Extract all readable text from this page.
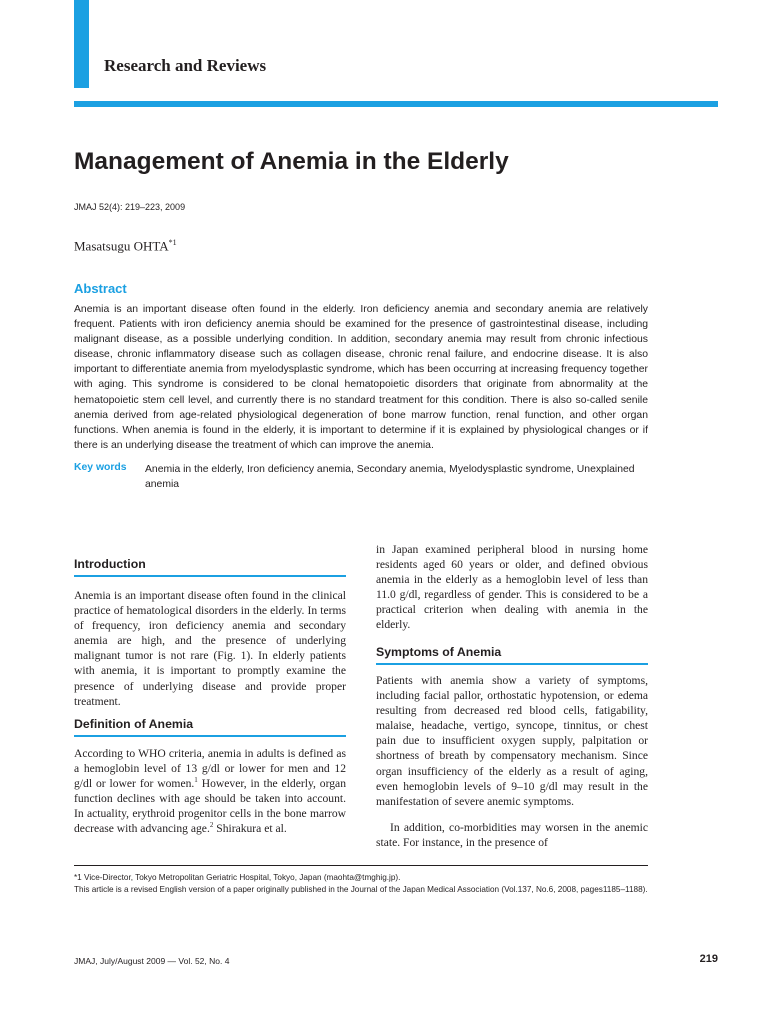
Research and Reviews
Management of Anemia in the Elderly
JMAJ 52(4): 219–223, 2009
Masatsugu OHTA$^{*1}$
Abstract

Anemia is an important disease often found in the elderly. Iron deficiency anemia and secondary anemia are relatively frequent. Patients with iron deficiency anemia should be examined for the presence of gastrointestinal disease, including malignant disease, as a possible underlying condition. In addition, secondary anemia may result from chronic infectious disease, chronic inflammatory disease such as collagen disease, chronic renal failure, and endocrine disease. It is also important to differentiate anemia from myelodysplastic syndrome, which has been occurring at increasing frequency together with aging. This syndrome is considered to be clonal hematopoietic disorders that originate from abnormality at the hematopoietic stem cell level, and currently there is no standard treatment for this condition. There is also so-called senile anemia derived from age-related physiological degeneration of bone marrow function, renal function, and other organ functions. When anemia is found in the elderly, it is important to determine if it is explained by physiological changes or if there is an underlying disease the treatment of which can improve the anemia.

Key words Anemia in the elderly, Iron deficiency anemia, Secondary anemia, Myelodysplastic syndrome, Unexplained anemia

Introduction

Anemia is an important disease often found in the clinical practice of hematological disorders in the elderly. In terms of frequency, iron deficiency anemia and secondary anemia are high, and the presence of underlying malignant tumor is not rare (Fig. 1). In elderly patients with anemia, it is important to promptly examine the presence of underlying disease and provide proper treatment.

Definition of Anemia

According to WHO criteria, anemia in adults is defined as a hemoglobin level of 13 g/dl or lower for men and 12 g/dl or lower for women.$^1$ However, in the elderly, organ function declines with age should be taken into account. In actuality, erythroid progenitor cells in the bone marrow decrease with advancing age.$^2$ Shirakura et al.

in Japan examined peripheral blood in nursing home residents aged 60 years or older, and defined obvious anemia in the elderly as a hemoglobin level of less than 11.0 g/dl, regardless of gender. This is considered to be a practical criterion when dealing with anemia in the elderly.

Symptoms of Anemia

Patients with anemia show a variety of symptoms, including facial pallor, orthostatic hypotension, or edema resulting from decreased red blood cells, fatigability, malaise, headache, vertigo, syncope, tinnitus, or chest pain due to insufficient oxygen supply, palpitation or shortness of breath by compensatory mechanism. Since organ insufficiency of the elderly as a result of aging, even hemoglobin levels of 9–10 g/dl may result in the manifestation of severe anemic symptoms.

In addition, co-morbidities may worsen in the anemic state. For instance, in the presence of

*1 Vice-Director, Tokyo Metropolitan Geriatric Hospital, Tokyo, Japan (maohta@tmghig.jp).

This article is a revised English version of a paper originally published in the Journal of the Japan Medical Association (Vol.137, No.6, 2008, pages1185–1188).

JMAJ, July/August 2009 — Vol. 52, No. 4	219
